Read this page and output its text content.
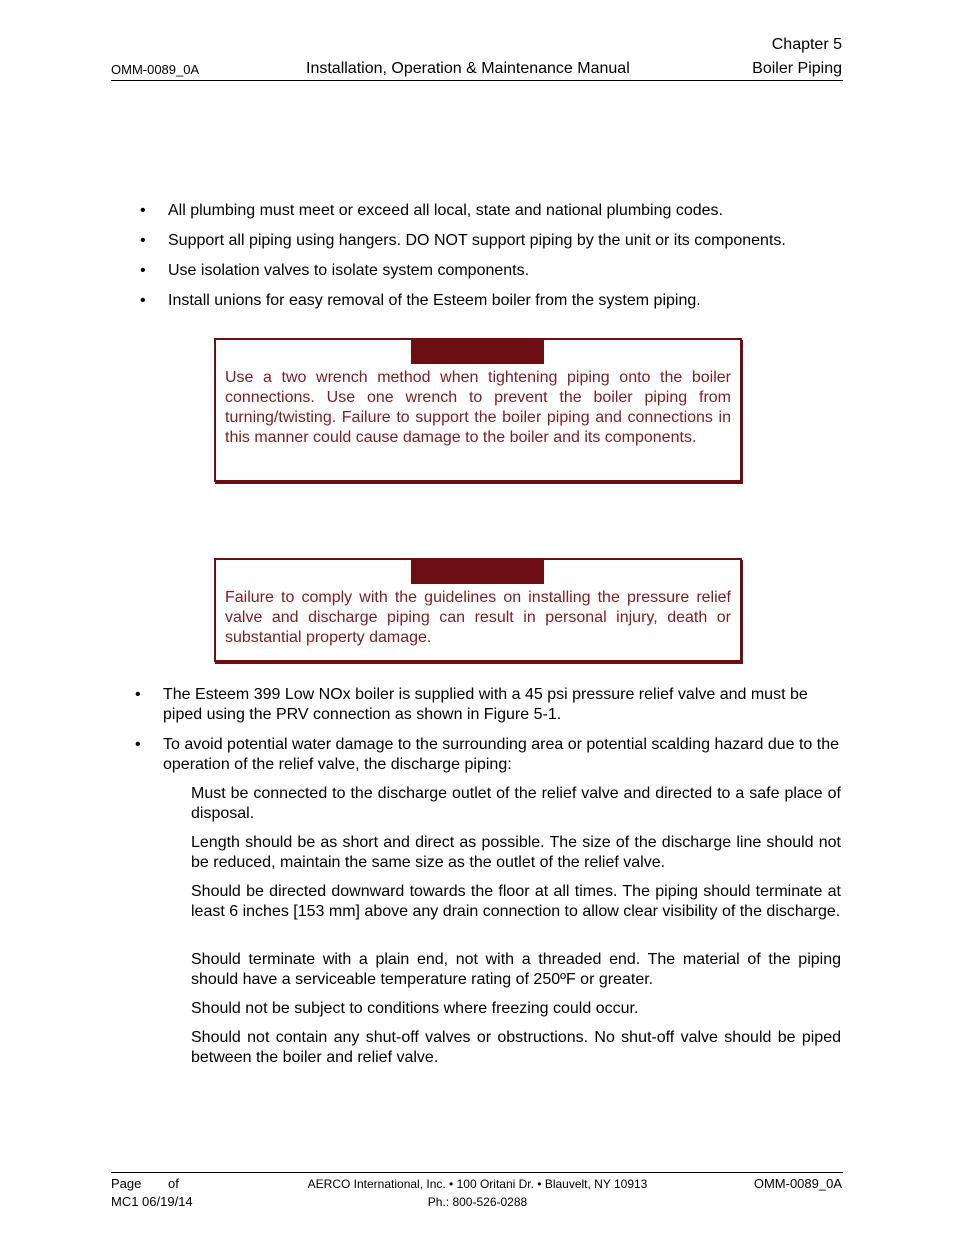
OMM-0089_0A	Installation, Operation & Maintenance Manual
Chapter 5
Boiler Piping
• All plumbing must meet or exceed all local, state and national plumbing codes.
• Support all piping using hangers. DO NOT support piping by the unit or its components.
• Use isolation valves to isolate system components.
• Install unions for easy removal of the Esteem boiler from the system piping.
Use a two wrench method when tightening piping onto the boiler connections. Use one wrench to prevent the boiler piping from turning/twisting. Failure to support the boiler piping and connections in this manner could cause damage to the boiler and its components.
Failure to comply with the guidelines on installing the pressure relief valve and discharge piping can result in personal injury, death or substantial property damage.
• The Esteem 399 Low NOx boiler is supplied with a 45 psi pressure relief valve and must be piped using the PRV connection as shown in Figure 5-1.
• To avoid potential water damage to the surrounding area or potential scalding hazard due to the operation of the relief valve, the discharge piping:

Must be connected to the discharge outlet of the relief valve and directed to a safe place of disposal.

Length should be as short and direct as possible. The size of the discharge line should not be reduced, maintain the same size as the outlet of the relief valve.

Should be directed downward towards the floor at all times. The piping should terminate at least 6 inches [153 mm] above any drain connection to allow clear visibility of the discharge.

Should terminate with a plain end, not with a threaded end. The material of the piping should have a serviceable temperature rating of 250ºF or greater.

Should not be subject to conditions where freezing could occur.

Should not contain any shut-off valves or obstructions. No shut-off valve should be piped between the boiler and relief valve.

Page of
MC1 06/19/14
AERCO International, Inc. • 100 Oritani Dr. • Blauvelt, NY 10913
Ph.: 800-526-0288
OMM-0089_0A
